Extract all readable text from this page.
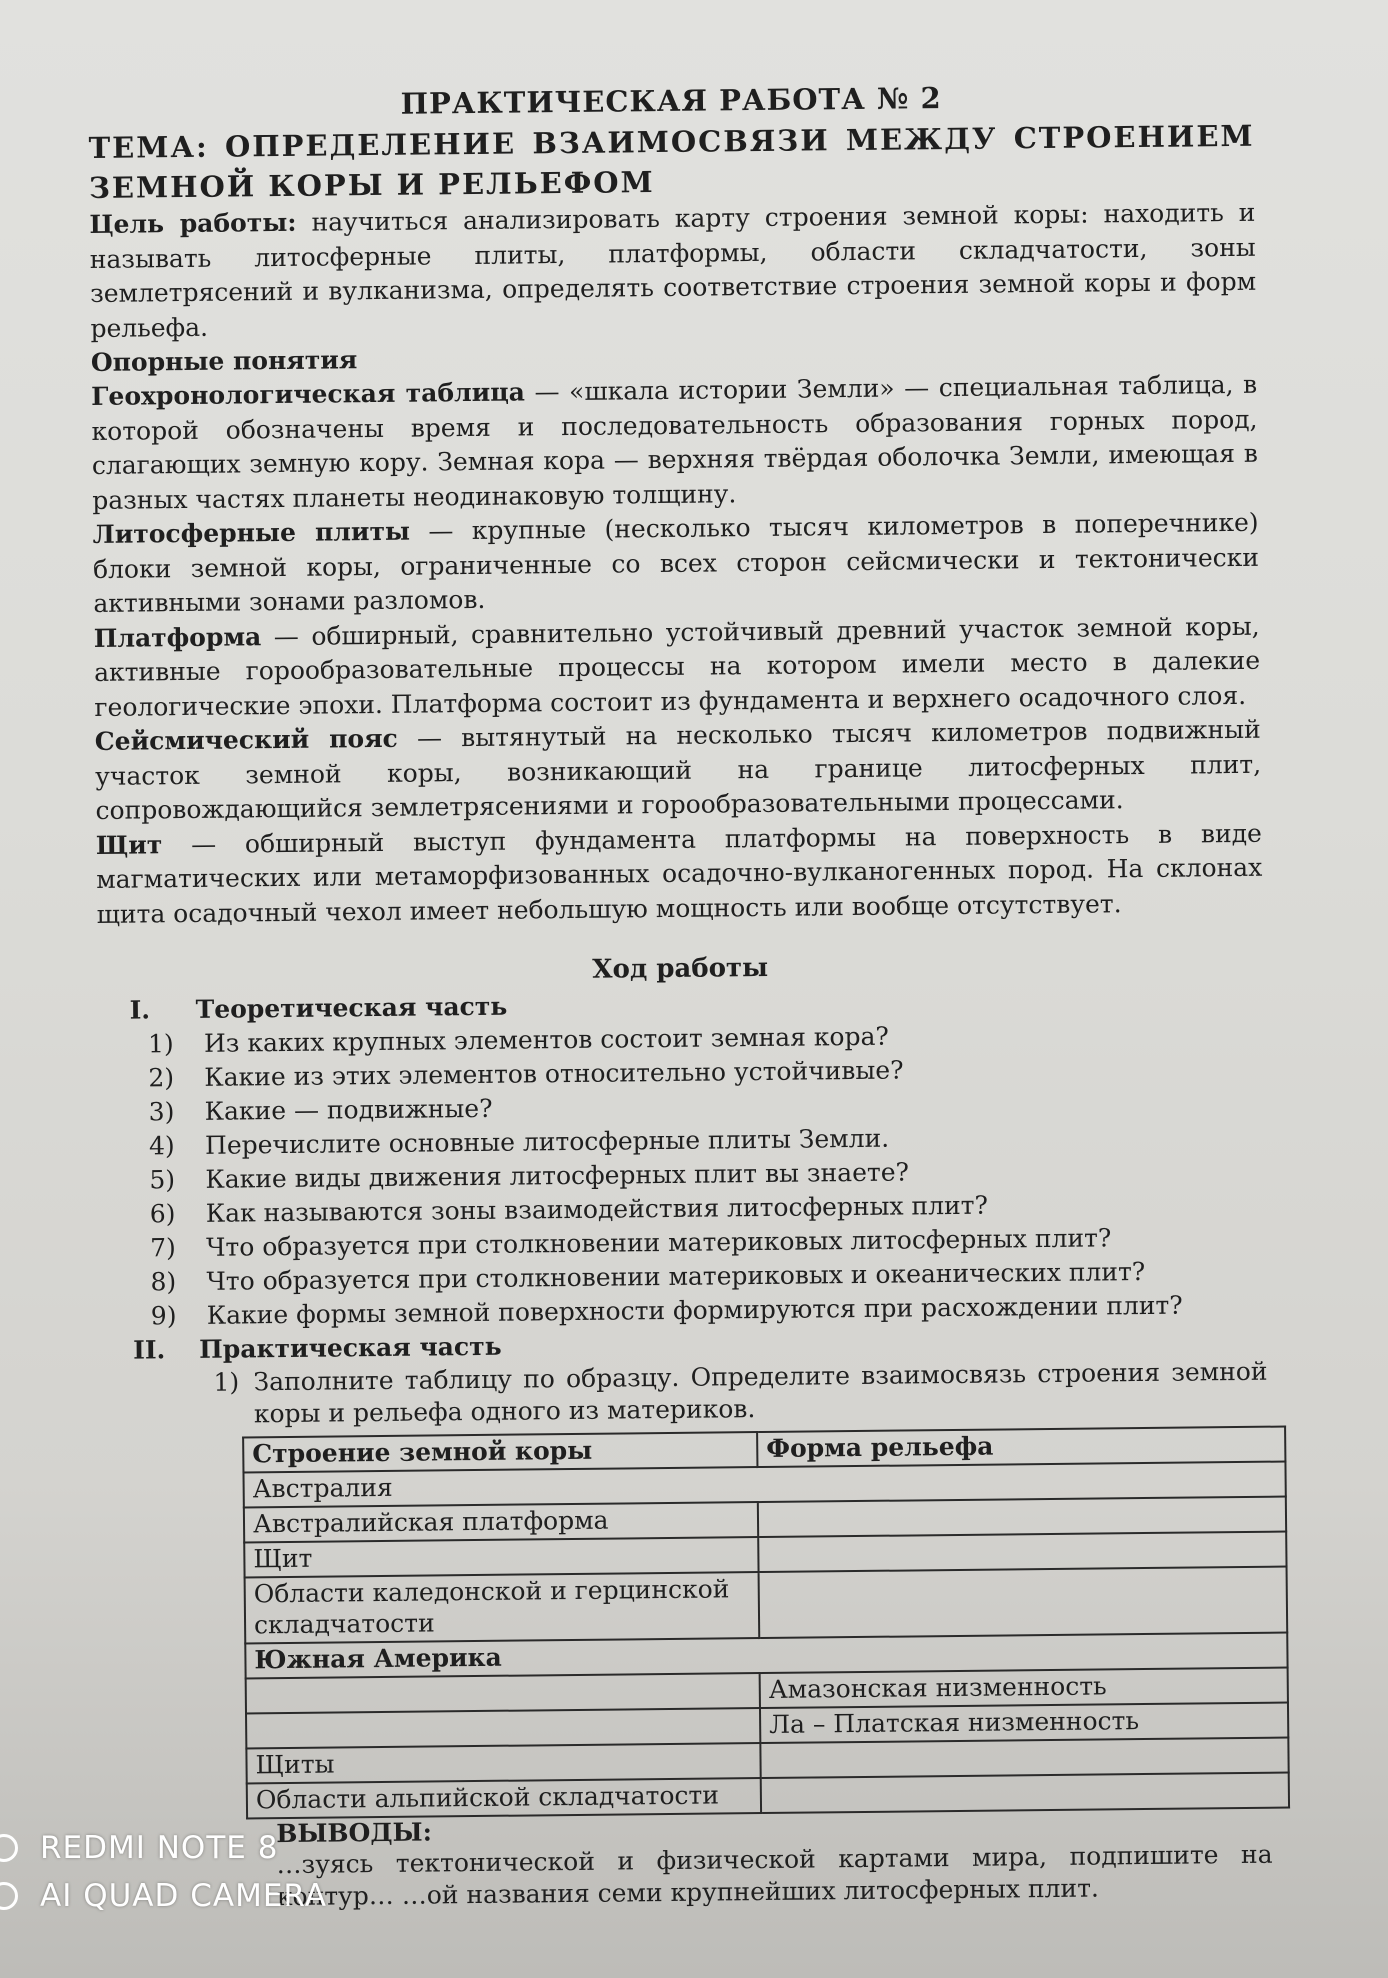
ПРАКТИЧЕСКАЯ РАБОТА № 2

ТЕМА: ОПРЕДЕЛЕНИЕ ВЗАИМОСВЯЗИ МЕЖДУ СТРОЕНИЕМ ЗЕМНОЙ КОРЫ И РЕЛЬЕФОМ

Цель работы: научиться анализировать карту строения земной коры: находить и называть литосферные плиты, платформы, области складчатости, зоны землетрясений и вулканизма, определять соответствие строения земной коры и форм рельефа.

Опорные понятия

Геохронологическая таблица — «шкала истории Земли» — специальная таблица, в которой обозначены время и последовательность образования горных пород, слагающих земную кору. Земная кора — верхняя твёрдая оболочка Земли, имеющая в разных частях планеты неодинаковую толщину.

Литосферные плиты — крупные (несколько тысяч километров в поперечнике) блоки земной коры, ограниченные со всех сторон сейсмически и тектонически активными зонами разломов.

Платформа — обширный, сравнительно устойчивый древний участок земной коры, активные горообразовательные процессы на котором имели место в далекие геологические эпохи. Платформа состоит из фундамента и верхнего осадочного слоя.

Сейсмический пояс — вытянутый на несколько тысяч километров подвижный участок земной коры, возникающий на границе литосферных плит, сопровождающийся землетрясениями и горообразовательными процессами.

Щит — обширный выступ фундамента платформы на поверхность в виде магматических или метаморфизованных осадочно-вулканогенных пород. На склонах щита осадочный чехол имеет небольшую мощность или вообще отсутствует.

Ход работы

I.	Теоретическая часть
1)	Из каких крупных элементов состоит земная кора?
2)	Какие из этих элементов относительно устойчивые?
3)	Какие — подвижные?
4)	Перечислите основные литосферные плиты Земли.
5)	Какие виды движения литосферных плит вы знаете?
6)	Как называются зоны взаимодействия литосферных плит?
7)	Что образуется при столкновении материковых литосферных плит?
8)	Что образуется при столкновении материковых и океанических плит?
9)	Какие формы земной поверхности формируются при расхождении плит?
II.	Практическая часть
1) Заполните таблицу по образцу. Определите взаимосвязь строения земной коры и рельефа одного из материков.
Строение земной коры	Форма рельефа
Австралия	
Австралийская платформа	
Щит	
Области каледонской и герцинской складчатости	
Южная Америка	
	Амазонская низменность
	Ла – Платская низменность
Щиты	
Области альпийской складчатости	

ВЫВОДЫ:

…зуясь тектонической и физической картами мира, подпишите на контур… …ой названия семи крупнейших литосферных плит.

REDMI NOTE 8
AI QUAD CAMERA
